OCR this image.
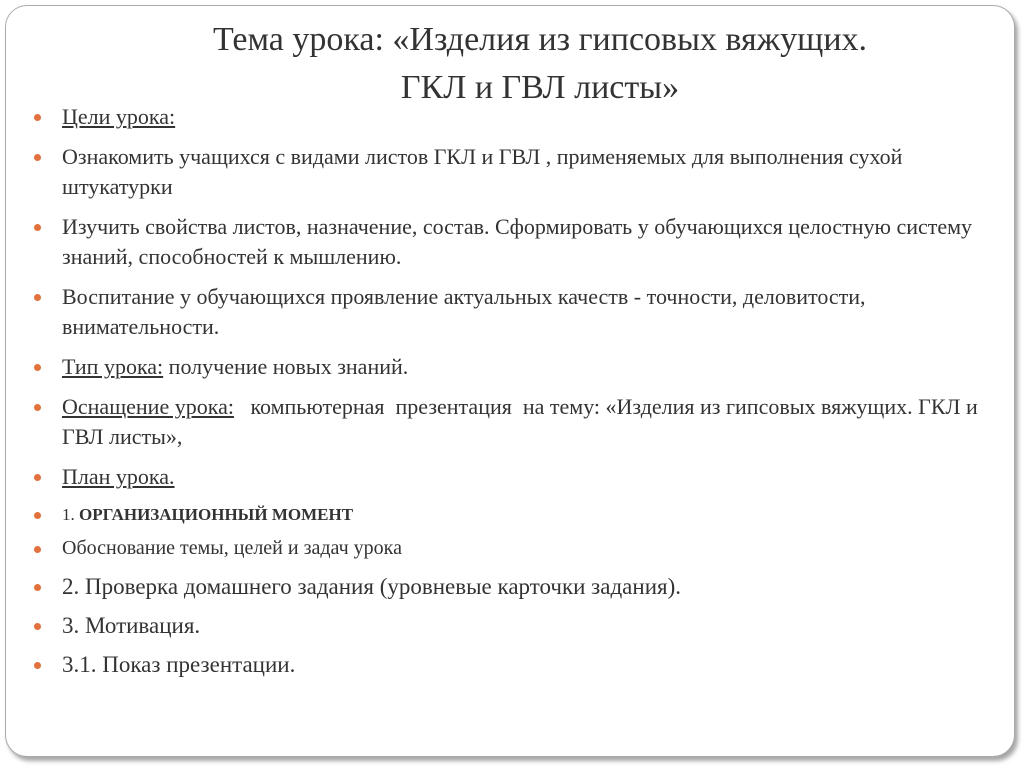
Тема урока: «Изделия из гипсовых вяжущих.
ГКЛ и ГВЛ листы»
Цели урока:
Ознакомить учащихся с видами листов ГКЛ и ГВЛ , применяемых для выполнения сухой штукатурки
Изучить свойства листов, назначение, состав. Сформировать у обучающихся целостную систему знаний, способностей к мышлению.
Воспитание у обучающихся проявление актуальных качеств - точности, деловитости, внимательности.
Тип урока: получение новых знаний.
Оснащение урока:   компьютерная  презентация  на тему: «Изделия из гипсовых вяжущих. ГКЛ и ГВЛ листы»,
План урока.
1. ОРГАНИЗАЦИОННЫЙ МОМЕНТ
Обоснование темы, целей и задач урока
2. Проверка домашнего задания (уровневые карточки задания).
3. Мотивация.
3.1. Показ презентации.
